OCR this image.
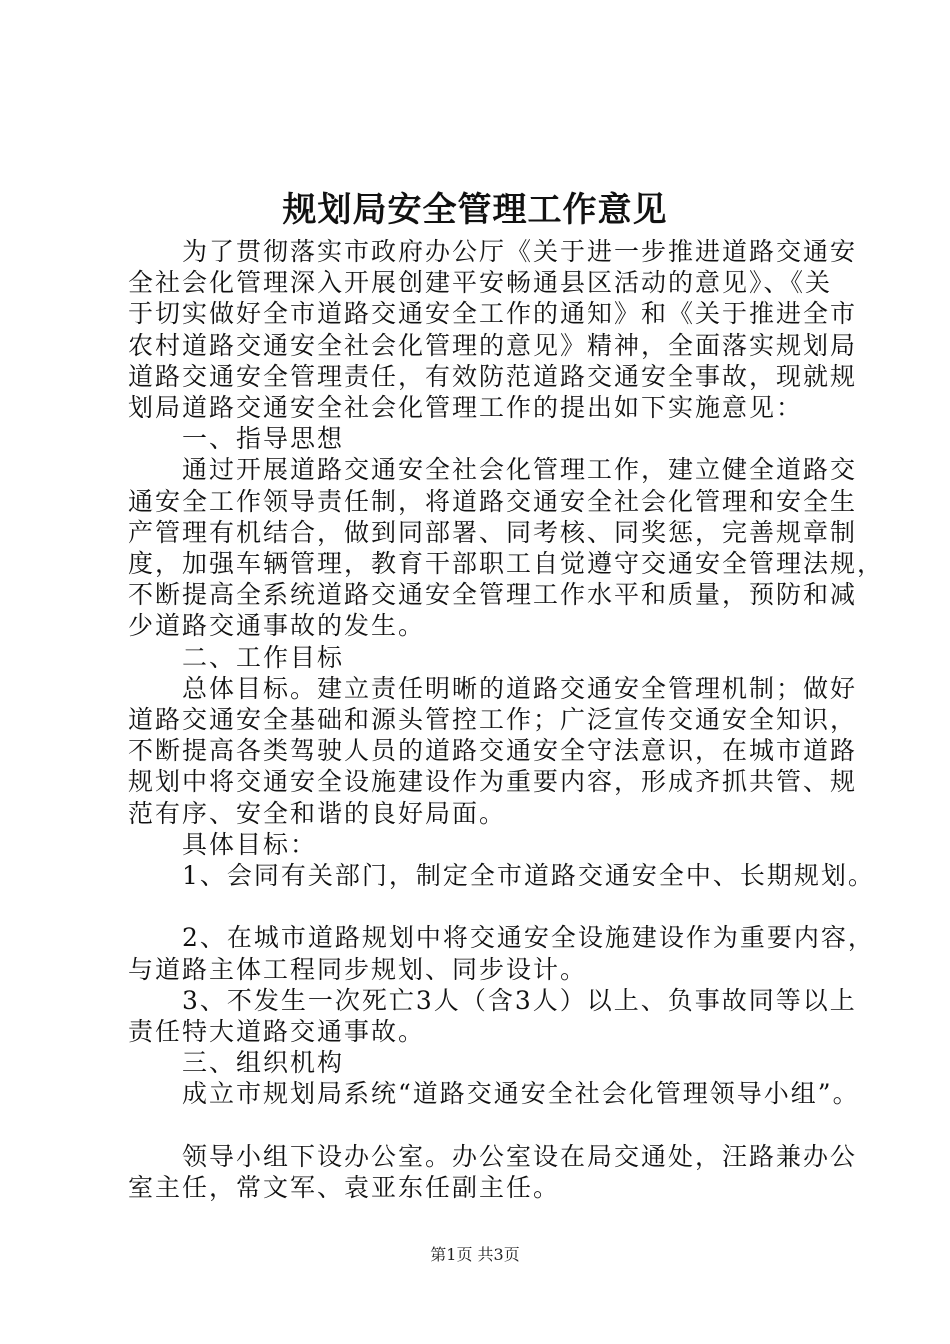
规划局安全管理工作意见
　　为了贯彻落实市政府办公厅《关于进一步推进道路交通安
全社会化管理深入开展创建平安畅通县区活动的意见》、《关
于切实做好全市道路交通安全工作的通知》和《关于推进全市
农村道路交通安全社会化管理的意见》精神，全面落实规划局
道路交通安全管理责任，有效防范道路交通安全事故，现就规
划局道路交通安全社会化管理工作的提出如下实施意见：
　　一、指导思想
　　通过开展道路交通安全社会化管理工作，建立健全道路交
通安全工作领导责任制，将道路交通安全社会化管理和安全生
产管理有机结合，做到同部署、同考核、同奖惩，完善规章制
度，加强车辆管理，教育干部职工自觉遵守交通安全管理法规，
不断提高全系统道路交通安全管理工作水平和质量，预防和减
少道路交通事故的发生。
　　二、工作目标
　　总体目标。建立责任明晰的道路交通安全管理机制；做好
道路交通安全基础和源头管控工作；广泛宣传交通安全知识，
不断提高各类驾驶人员的道路交通安全守法意识，在城市道路
规划中将交通安全设施建设作为重要内容，形成齐抓共管、规
范有序、安全和谐的良好局面。
　　具体目标：
　　1、会同有关部门，制定全市道路交通安全中、长期规划。
　　2、在城市道路规划中将交通安全设施建设作为重要内容，
与道路主体工程同步规划、同步设计。
　　3、不发生一次死亡3人（含3人）以上、负事故同等以上
责任特大道路交通事故。
　　三、组织机构
　　成立市规划局系统“道路交通安全社会化管理领导小组”。
　　领导小组下设办公室。办公室设在局交通处，汪路兼办公
室主任，常文军、袁亚东任副主任。
第1页 共3页
